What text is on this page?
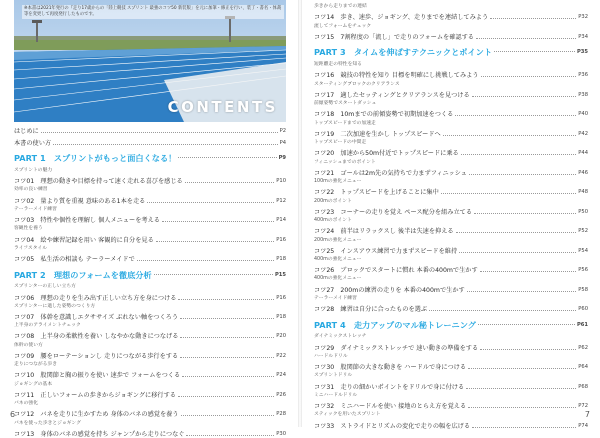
※本書は2021年発行の『走り17歳からの「陸上競技 スプリント 最強のコツ50 新装版」を元に加筆・修正を行い、装丁・書名・体裁等を変更して再度発行したものです。
CONTENTS
はじめに	P2
本書の使い方	P4
PART 1　スプリントがもっと面白くなる！	P9
スプリントの魅力
コツ01　理想の動きや目標を持って速く走れる喜びを感じる	P10
効率の良い練習
コツ02　量より質を重視 意味のある1本を走る	P12
テーラーメイド練習
コツ03　特性や個性を理解し 個人メニューを考える	P14
客観性を養う
コツ04　絵や練習記録を用い 客観的に自分を見る	P16
ライフスタイル
コツ05　私生活の相談も テーラーメイドで	P18
PART 2　理想のフォームを徹底分析	P15
スプリンターの正しい立ち方
コツ06　理想の走りを生み出す正しい立ち方を身につける	P16
スプリンターに適した姿勢のつくり方
コツ07　体幹を意識しエクササイズ ぶれない軸をつくろう	P18
上半身のアライメントチェック
コツ08　上半身の柔軟性を養い しなやかな動きにつなげる	P20
体幹の使い方
コツ09　腰をローテーションし 走りにつながる歩行をする	P22
走りにつながる歩き
コツ10　股関節と胸の振りを使い 速歩で フォームをつくる	P24
ジョギングの基本
コツ11　正しいフォームの歩きからジョギングに移行する	P26
バネの強化
コツ12　バネを走りに生かすため 身体のバネの感覚を養う	P28
バネを使った歩きとジョギング
コツ13　身体のバネの感覚を持ち ジャンプから走りにつなぐ	P30
6
歩きから走りまでの連結
コツ14　歩き、速歩、ジョギング、走りまでを連結してみよう	P32
流してフォームをチェック
コツ15　7割程度の「流し」で走りのフォームを確認する	P34
PART 3　タイムを伸ばすテクニックとポイント	P35
短距離走の特性を知る
コツ16　競技の特性を知り 目標を明確にし挑戦してみよう	P36
スターティングブロックのクリアランス
コツ17　適したセッティングとクリアランスを見つける	P38
前傾姿勢でスタートダッシュ
コツ18　10mまでの前傾姿勢で初期加速をつくる	P40
トップスピードまでの加速走
コツ19　二次加速を生かし トップスピードへ	P42
トップスピードの中間走
コツ20　加速から50m付近でトップスピードに乗る	P44
フィニッシュまでのポイント
コツ21　ゴールは2m先の気持ちで力まずフィニッシュ	P46
100mの強化メニュー
コツ22　トップスピードを上げることに集中	P48
200mのポイント
コツ23　コーナーの走りを覚え ペース配分を組み立てる	P50
400mのポイント
コツ24　前半はリラックスし 後半は失速を抑える	P52
200mの強化メニュー
コツ25　インスアウス練習で力まずスピードを維持	P54
400mの強化メニュー
コツ26　ブロックでスタートに慣れ 本番の400mで生かす	P56
400mの強化メニュー
コツ27　200mの練習の走りを 本番の400mで生かす	P58
テーラーメイド練習
コツ28　練習は自分に合ったものを選ぶ	P60
PART 4　走力アップのマル秘トレーニング	P61
ダイナミックストレッチ
コツ29　ダイナミックストレッチで 速い動きの準備をする	P62
ハードルドリル
コツ30　股関節の大きな動きを ハードルで身につける	P64
スプリントドリル
コツ31　走りの細かいポイントをドリルで身に付ける	P68
ミニハードルドリル
コツ32　ミニハードルを使い 接地のとらえ方を覚える	P72
スティックを用いたスプリント
コツ33　ストライドとリズムの変化で走りの幅を広げる	P74
7
